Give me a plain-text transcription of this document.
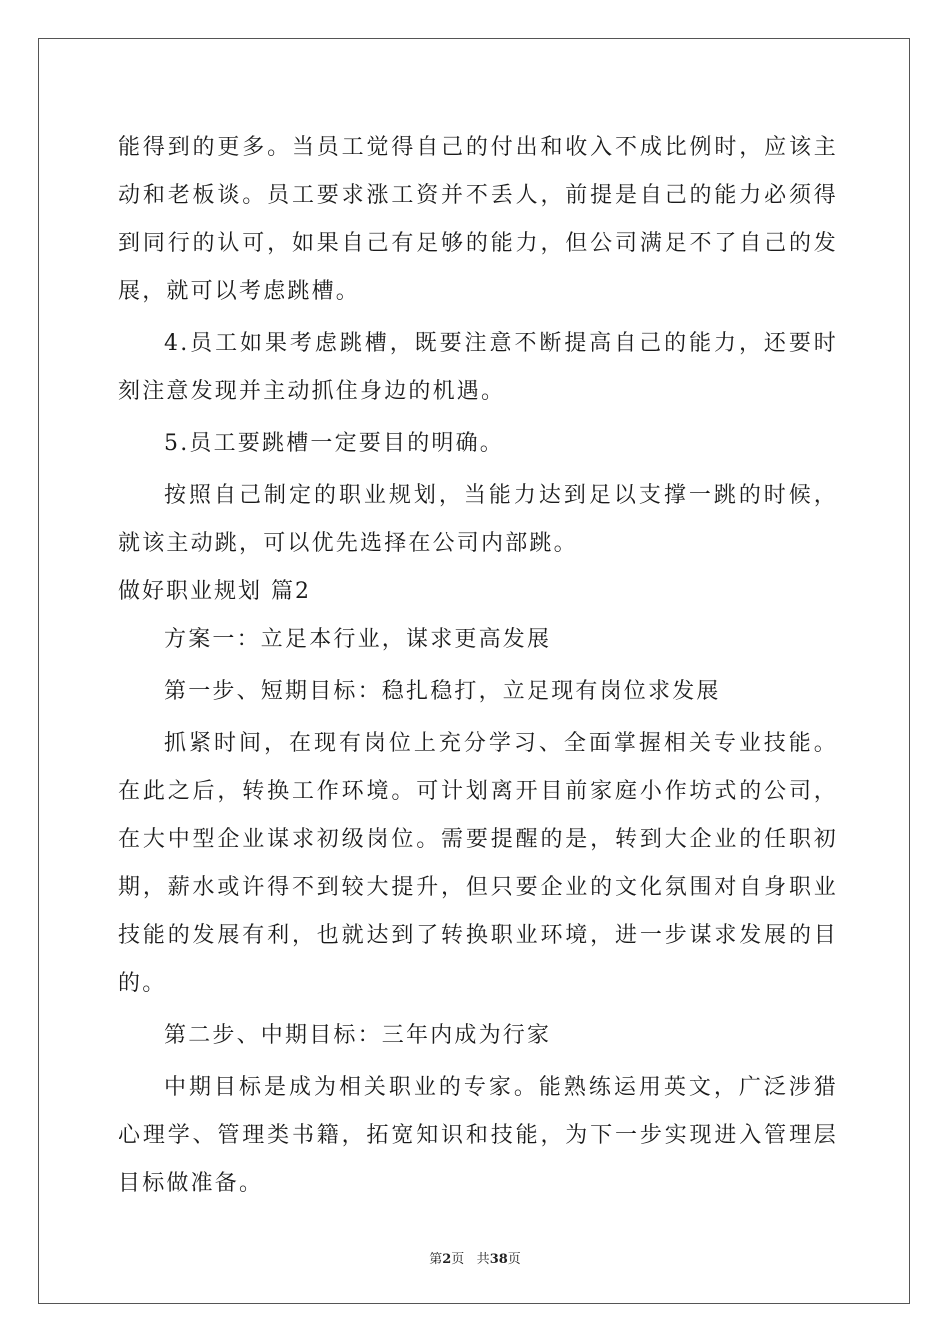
能得到的更多。当员工觉得自己的付出和收入不成比例时，应该主动和老板谈。员工要求涨工资并不丢人，前提是自己的能力必须得到同行的认可，如果自己有足够的能力，但公司满足不了自己的发展，就可以考虑跳槽。

4.员工如果考虑跳槽，既要注意不断提高自己的能力，还要时刻注意发现并主动抓住身边的机遇。

5.员工要跳槽一定要目的明确。

按照自己制定的职业规划，当能力达到足以支撑一跳的时候，就该主动跳，可以优先选择在公司内部跳。

做好职业规划 篇2

方案一：立足本行业，谋求更高发展

第一步、短期目标：稳扎稳打，立足现有岗位求发展

抓紧时间，在现有岗位上充分学习、全面掌握相关专业技能。在此之后，转换工作环境。可计划离开目前家庭小作坊式的公司，在大中型企业谋求初级岗位。需要提醒的是，转到大企业的任职初期，薪水或许得不到较大提升，但只要企业的文化氛围对自身职业技能的发展有利，也就达到了转换职业环境，进一步谋求发展的目的。

第二步、中期目标：三年内成为行家

中期目标是成为相关职业的专家。能熟练运用英文，广泛涉猎心理学、管理类书籍，拓宽知识和技能，为下一步实现进入管理层目标做准备。

第2页 共38页
